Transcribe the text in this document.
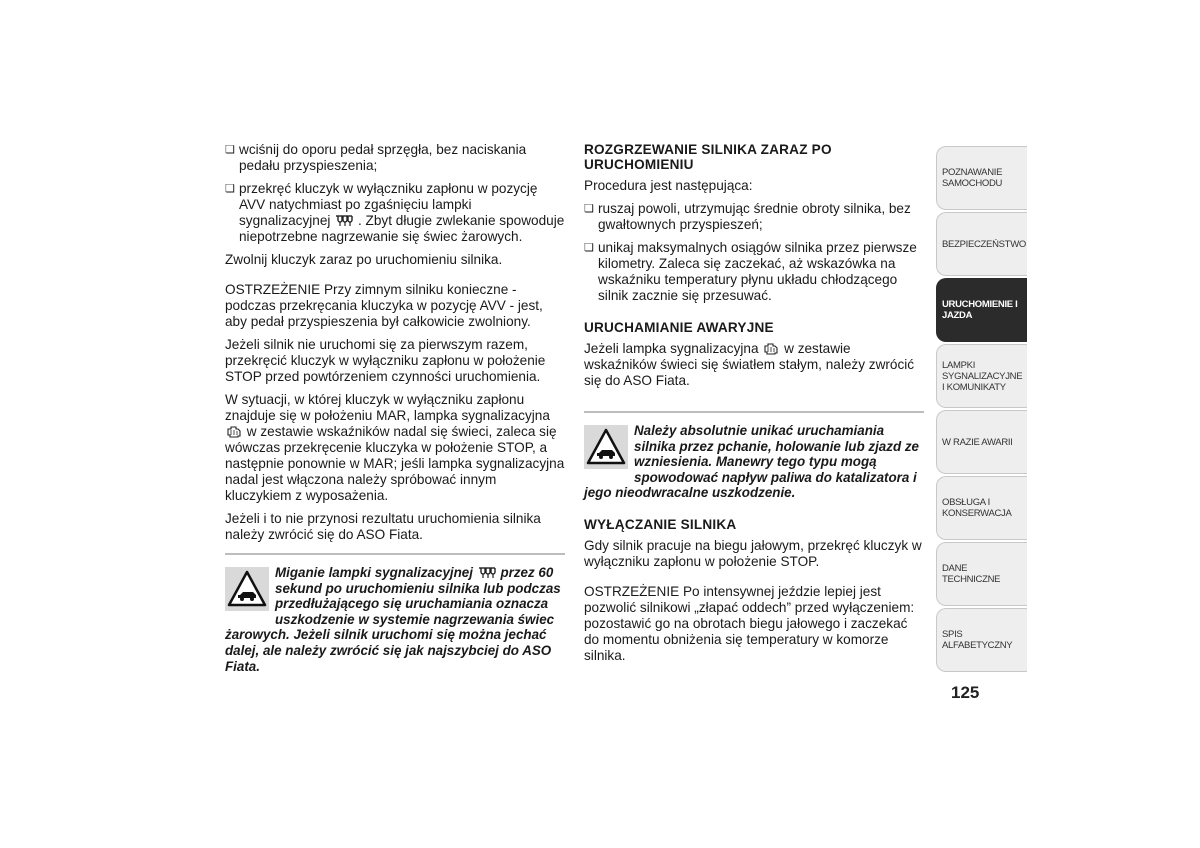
❏ wciśnij do oporu pedał sprzęgła, bez naciskania pedału przyspieszenia;
❏ przekręć kluczyk w wyłączniku zapłonu w pozycję AVV natychmiast po zgaśnięciu lampki sygnalizacyjnej . Zbyt długie zwlekanie spowoduje niepotrzebne nagrzewanie się świec żarowych.

Zwolnij kluczyk zaraz po uruchomieniu silnika.

OSTRZEŻENIE Przy zimnym silniku konieczne - podczas przekręcania kluczyka w pozycję AVV - jest, aby pedał przyspieszenia był całkowicie zwolniony.

Jeżeli silnik nie uruchomi się za pierwszym razem, przekręcić kluczyk w wyłączniku zapłonu w położenie STOP przed powtórzeniem czynności uruchomienia.

W sytuacji, w której kluczyk w wyłączniku zapłonu znajduje się w położeniu MAR, lampka sygnalizacyjna  w zestawie wskaźników nadal się świeci, zaleca się wówczas przekręcenie kluczyka w położenie STOP, a następnie ponownie w MAR; jeśli lampka sygnalizacyjna nadal jest włączona należy spróbować innym kluczykiem z wyposażenia.

Jeżeli i to nie przynosi rezultatu uruchomienia silnika należy zwrócić się do ASO Fiata.

Miganie lampki sygnalizacyjnej przez 60 sekund po uruchomieniu silnika lub podczas przedłużającego się uruchamiania oznacza uszkodzenie w systemie nagrzewania świec żarowych. Jeżeli silnik uruchomi się można jechać dalej, ale należy zwrócić się jak najszybciej do ASO Fiata.
ROZGRZEWANIE SILNIKA ZARAZ PO URUCHOMIENIU

Procedura jest następująca:

❏ ruszaj powoli, utrzymując średnie obroty silnika, bez gwałtownych przyspieszeń;
❏ unikaj maksymalnych osiągów silnika przez pierwsze kilometry. Zaleca się zaczekać, aż wskazówka na wskaźniku temperatury płynu układu chłodzącego silnik zacznie się przesuwać.
URUCHAMIANIE AWARYJNE

Jeżeli lampka sygnalizacyjna w zestawie wskaźników świeci się światłem stałym, należy zwrócić się do ASO Fiata.

Należy absolutnie unikać uruchamiania silnika przez pchanie, holowanie lub zjazd ze wzniesienia. Manewry tego typu mogą spowodować napływ paliwa do katalizatora i jego nieodwracalne uszkodzenie.
WYŁĄCZANIE SILNIKA

Gdy silnik pracuje na biegu jałowym, przekręć kluczyk w wyłączniku zapłonu w położenie STOP.

OSTRZEŻENIE Po intensywnej jeździe lepiej jest pozwolić silnikowi „złapać oddech” przed wyłączeniem: pozostawić go na obrotach biegu jałowego i zaczekać do momentu obniżenia się temperatury w komorze silnika.

POZNAWANIE SAMOCHODU
BEZPIECZEŃSTWO
URUCHOMIENIE I JAZDA
LAMPKI SYGNALIZACYJNE I KOMUNIKATY
W RAZIE AWARII
OBSŁUGA I KONSERWACJA
DANE TECHNICZNE
SPIS ALFABETYCZNY
125
